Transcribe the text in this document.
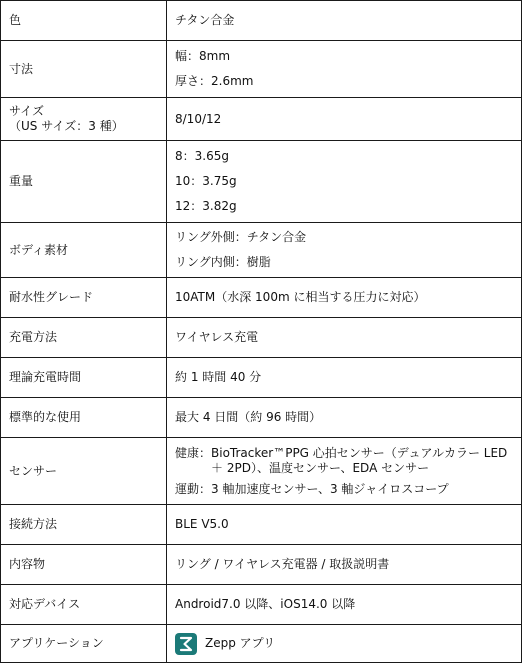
色	チタン合金

寸法	幅：8mm
厚さ：2.6mm

サイズ
（US サイズ：3 種）	8/10/12

重量	8：3.65g
10：3.75g
12：3.82g

ボディ素材	リング外側：チタン合金
リング内側：樹脂

耐水性グレード	10ATM（水深 100m に相当する圧力に対応）

充電方法	ワイヤレス充電

理論充電時間	約 1 時間 40 分

標準的な使用	最大 4 日間（約 96 時間）

センサー	健康： BioTracker™PPG 心拍センサー（デュアルカラー LED ＋ 2PD）、温度センサー、EDA センサー
運動： 3 軸加速度センサー、3 軸ジャイロスコープ

接続方法	BLE V5.0

内容物	リング / ワイヤレス充電器 / 取扱説明書

対応デバイス	Android7.0 以降、iOS14.0 以降

アプリケーション	Zepp アプリ
